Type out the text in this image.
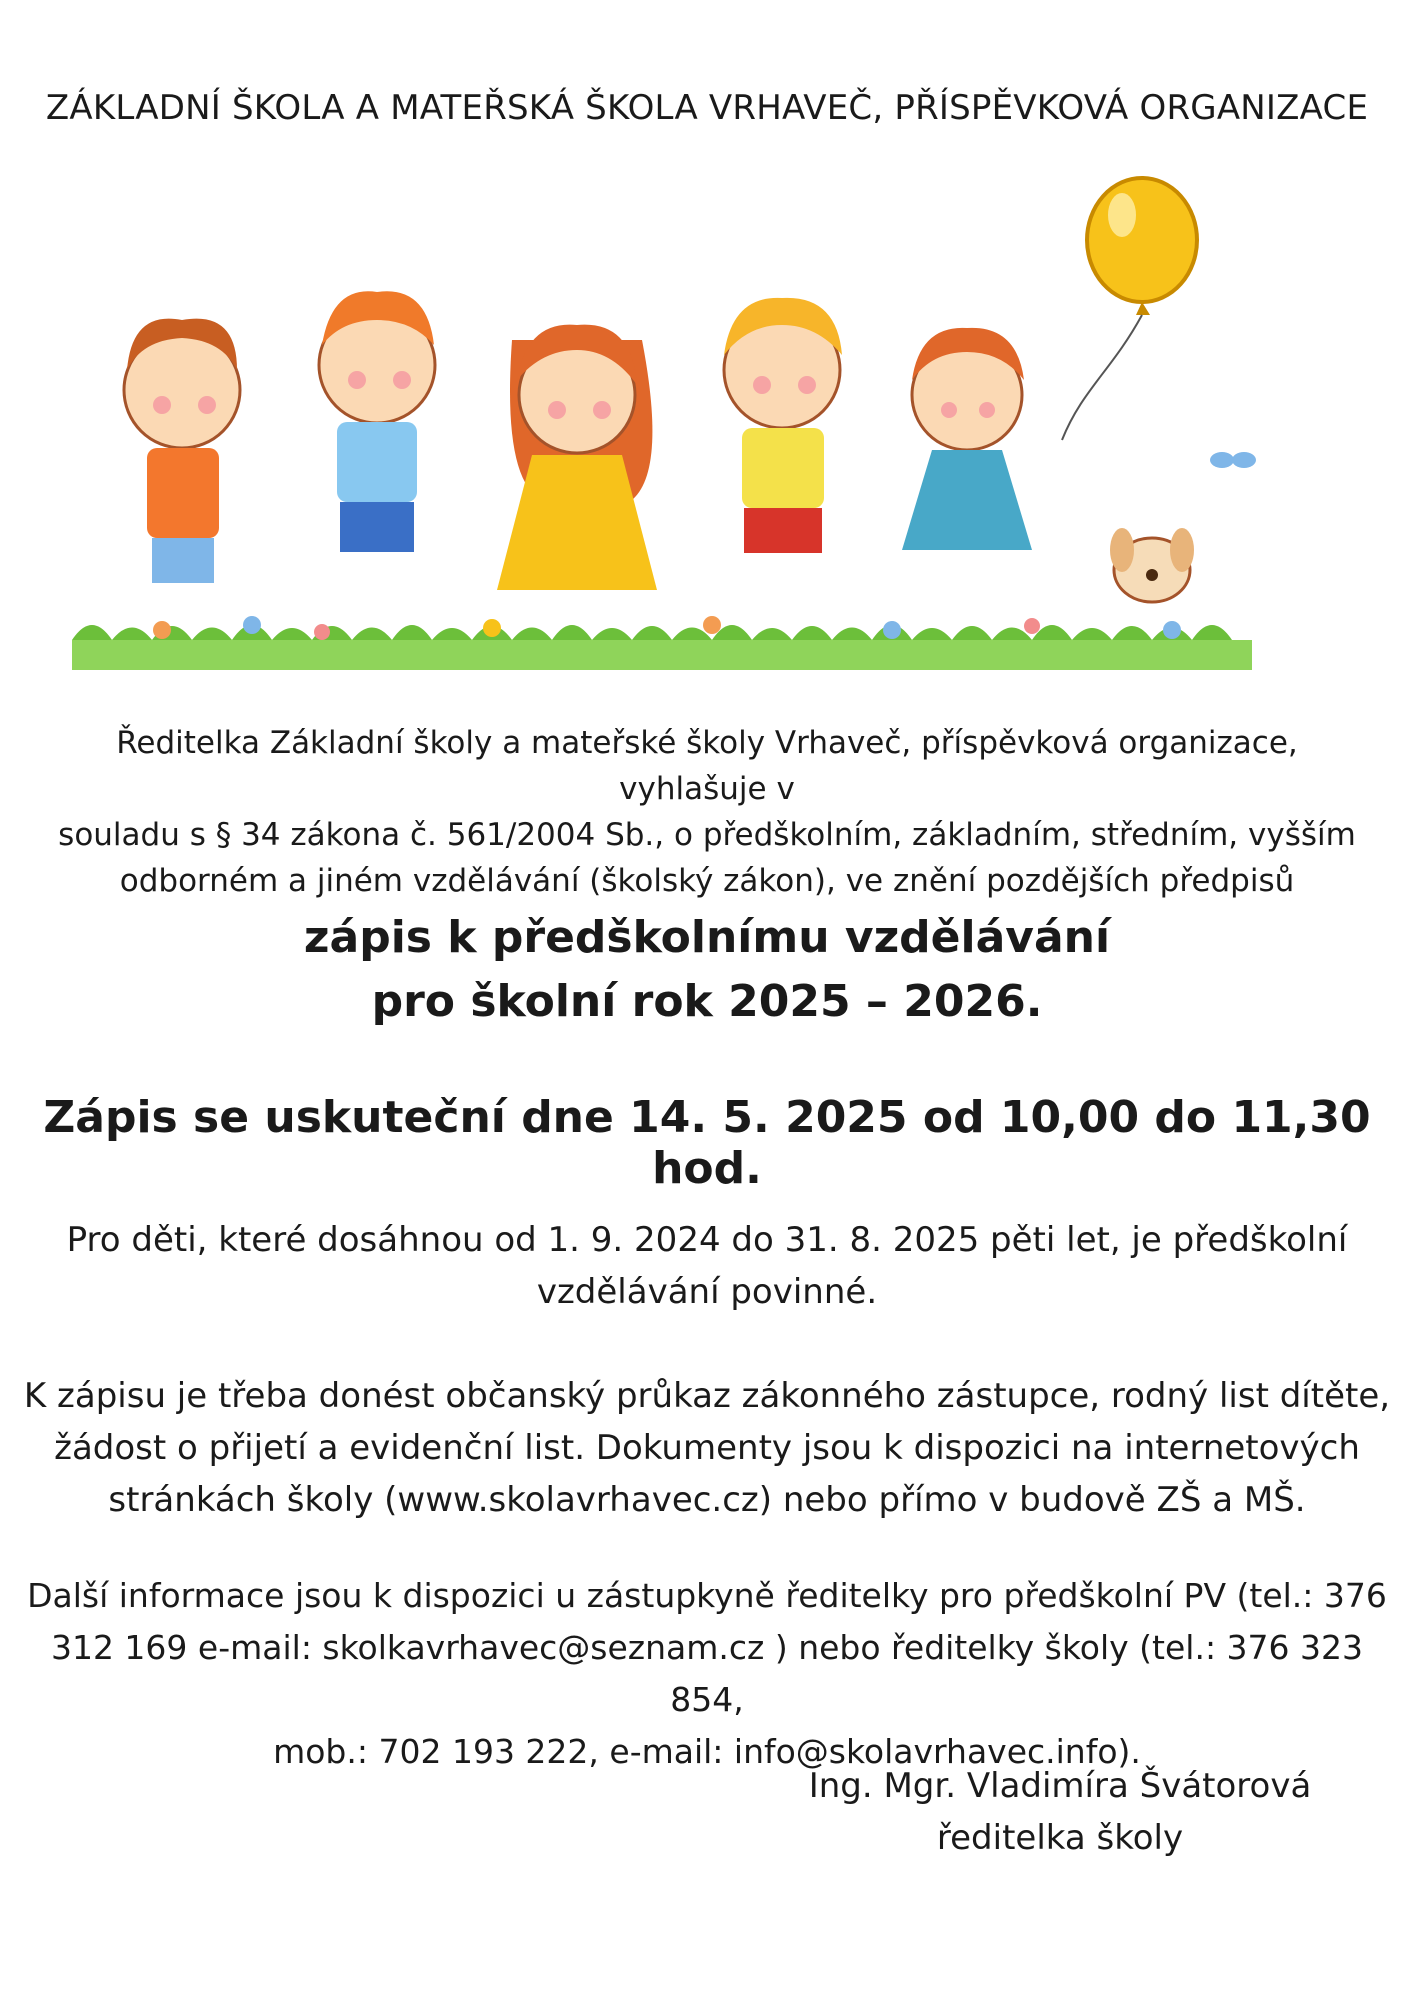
ZÁKLADNÍ ŠKOLA A MATEŘSKÁ ŠKOLA VRHAVEČ, PŘÍSPĚVKOVÁ ORGANIZACE
Ředitelka Základní školy a mateřské školy Vrhaveč, příspěvková organizace, vyhlašuje v
souladu s § 34 zákona č. 561/2004 Sb., o předškolním, základním, středním, vyšším
odborném a jiném vzdělávání (školský zákon), ve znění pozdějších předpisů
zápis k předškolnímu vzdělávání
pro školní rok 2025 – 2026.
Zápis se uskuteční dne 14. 5. 2025 od 10,00 do 11,30 hod.
Pro děti, které dosáhnou od 1. 9. 2024 do 31. 8. 2025 pěti let, je předškolní
vzdělávání povinné.
K zápisu je třeba donést občanský průkaz zákonného zástupce, rodný list dítěte,
žádost o přijetí a evidenční list. Dokumenty jsou k dispozici na internetových
stránkách školy (www.skolavrhavec.cz) nebo přímo v budově ZŠ a MŠ.
Další informace jsou k dispozici u zástupkyně ředitelky pro předškolní PV (tel.: 376
312 169 e-mail: skolkavrhavec@seznam.cz ) nebo ředitelky školy (tel.: 376 323 854,
mob.: 702 193 222, e-mail: info@skolavrhavec.info).
Ing. Mgr. Vladimíra Švátorová
ředitelka školy
